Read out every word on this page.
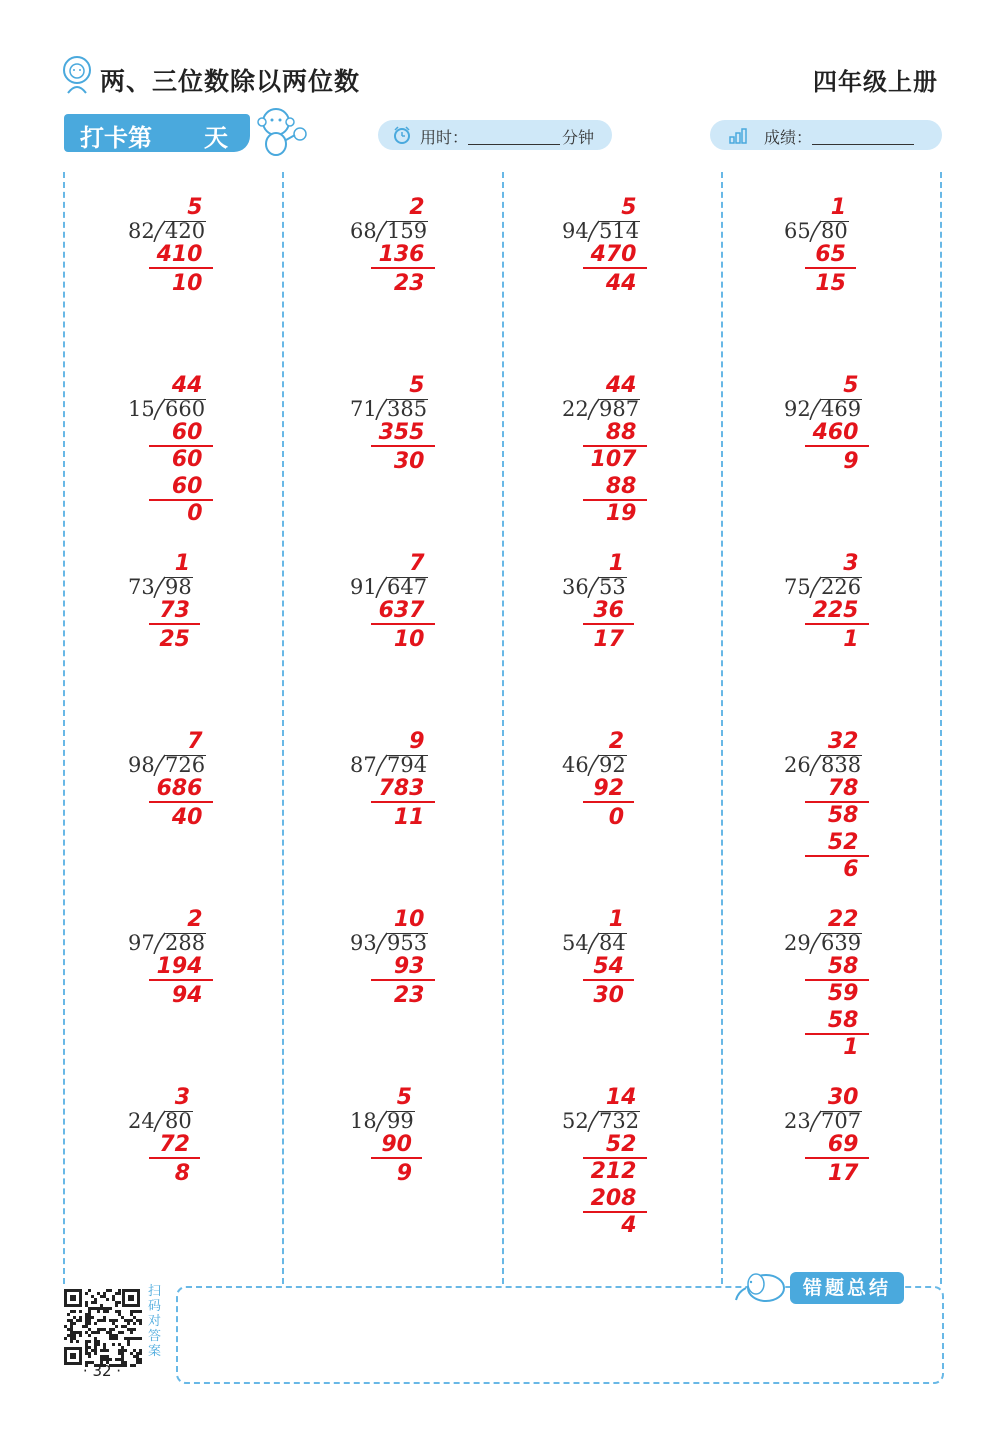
两、三位数除以两位数	四年级上册
打卡第 天	用时：	分钟	成绩：
82 420
5
410
10
68 159
2
136
23
94 514
5
470
44
65 80
1
65
15
15 660
44
60
60
60
0
71 385
5
355
30
22 987
44
88
107
88
19
92 469
5
460
9
73 98
1
73
25
91 647
7
637
10
36 53
1
36
17
75 226
3
225
1
98 726
7
686
40
87 794
9
783
11
46 92
2
92
0
26 838
32
78
58
52
6
97 288
2
194
94
93 953
10
93
23
54 84
1
54
30
29 639
22
58
59
58
1
24 80
3
72
8
18 99
5
90
9
52 732
14
52
212
208
4
23 707
30
69
17
扫码对答案
· 32 ·
错题总结
